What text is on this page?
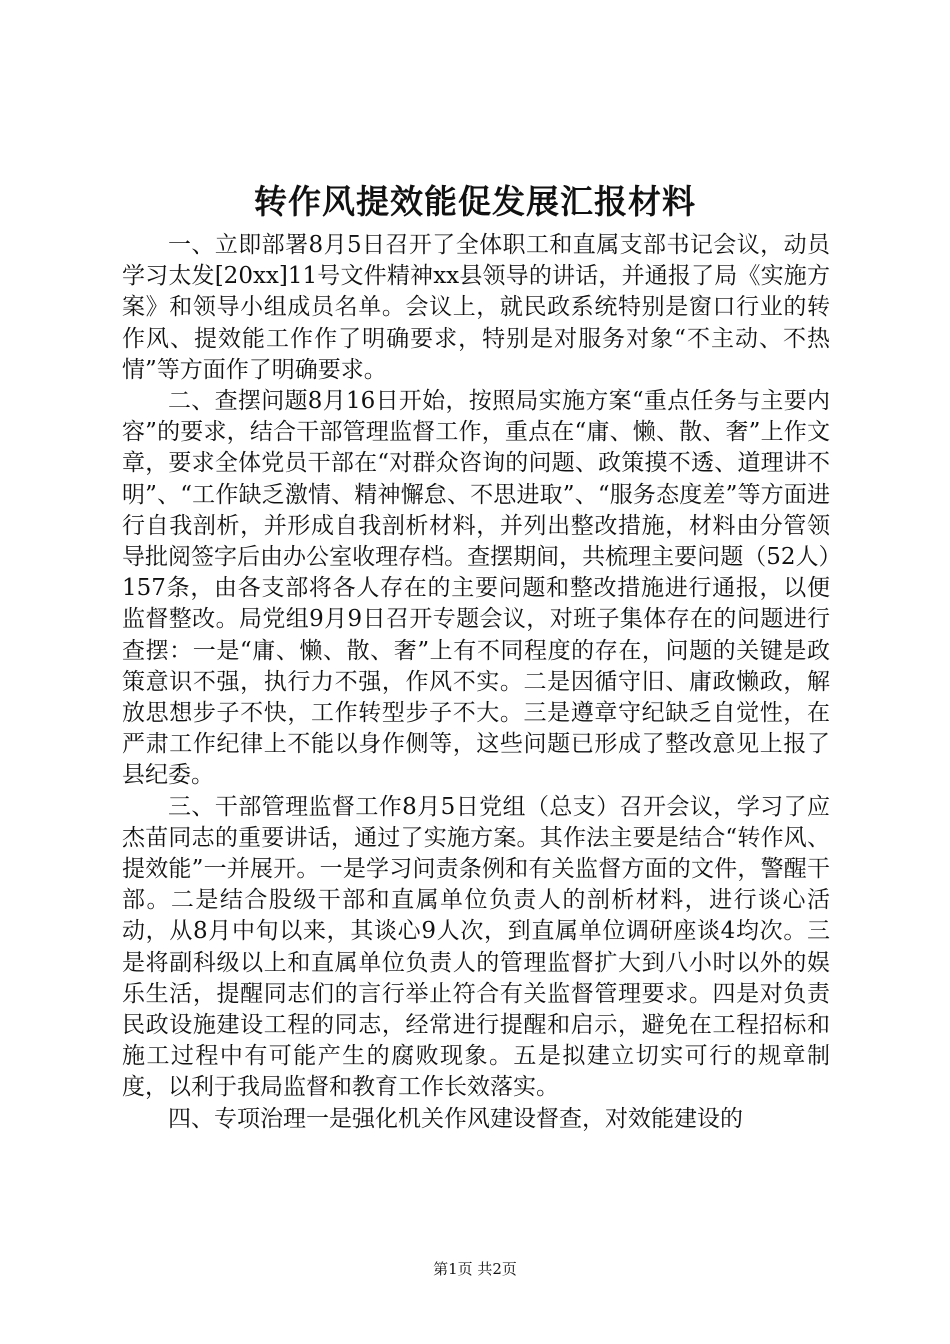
转作风提效能促发展汇报材料

一、立即部署8月5日召开了全体职工和直属支部书记会议，动员学习太发[20xx]11号文件精神xx县领导的讲话，并通报了局《实施方案》和领导小组成员名单。会议上，就民政系统特别是窗口行业的转作风、提效能工作作了明确要求，特别是对服务对象“不主动、不热情”等方面作了明确要求。

二、查摆问题8月16日开始，按照局实施方案“重点任务与主要内容”的要求，结合干部管理监督工作，重点在“庸、懒、散、奢”上作文章，要求全体党员干部在“对群众咨询的问题、政策摸不透、道理讲不明”、“工作缺乏激情、精神懈怠、不思进取”、“服务态度差”等方面进行自我剖析，并形成自我剖析材料，并列出整改措施，材料由分管领导批阅签字后由办公室收理存档。查摆期间，共梳理主要问题（52人）157条，由各支部将各人存在的主要问题和整改措施进行通报，以便监督整改。局党组9月9日召开专题会议，对班子集体存在的问题进行查摆：一是“庸、懒、散、奢”上有不同程度的存在，问题的关键是政策意识不强，执行力不强，作风不实。二是因循守旧、庸政懒政，解放思想步子不快，工作转型步子不大。三是遵章守纪缺乏自觉性，在严肃工作纪律上不能以身作侧等，这些问题已形成了整改意见上报了县纪委。

三、干部管理监督工作8月5日党组（总支）召开会议，学习了应杰苗同志的重要讲话，通过了实施方案。其作法主要是结合“转作风、提效能”一并展开。一是学习问责条例和有关监督方面的文件，警醒干部。二是结合股级干部和直属单位负责人的剖析材料，进行谈心活动，从8月中旬以来，其谈心9人次，到直属单位调研座谈4均次。三是将副科级以上和直属单位负责人的管理监督扩大到八小时以外的娱乐生活，提醒同志们的言行举止符合有关监督管理要求。四是对负责民政设施建设工程的同志，经常进行提醒和启示，避免在工程招标和施工过程中有可能产生的腐败现象。五是拟建立切实可行的规章制度，以利于我局监督和教育工作长效落实。

四、专项治理一是强化机关作风建设督查，对效能建设的

第1页 共2页
